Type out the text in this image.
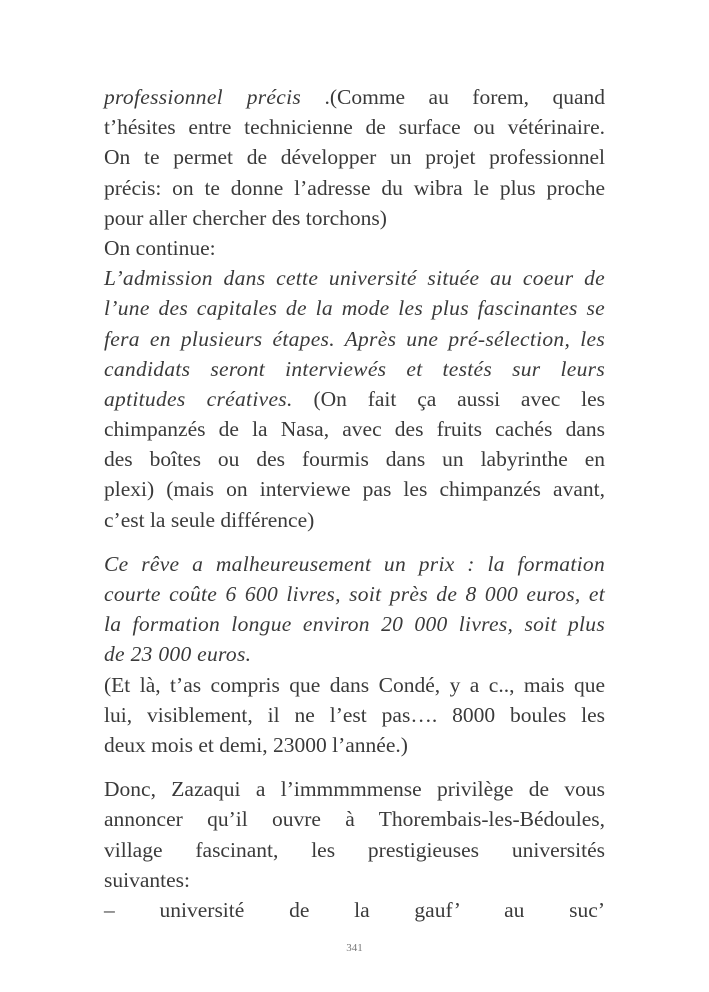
professionnel précis .(Comme au forem, quand
t’hésites entre technicienne de surface ou vétérinaire.
On te permet de développer un projet professionnel
précis: on te donne l’adresse du wibra le plus proche
pour aller chercher des torchons)
On continue:
L’admission dans cette université située au coeur de
l’une des capitales de la mode les plus fascinantes se
fera en plusieurs étapes. Après une pré-sélection, les
candidats seront interviewés et testés sur leurs
aptitudes créatives. (On fait ça aussi avec les
chimpanzés de la Nasa, avec des fruits cachés dans
des boîtes ou des fourmis dans un labyrinthe en
plexi) (mais on interviewe pas les chimpanzés avant,
c’est la seule différence)
Ce rêve a malheureusement un prix : la formation
courte coûte 6 600 livres, soit près de 8 000 euros, et
la formation longue environ 20 000 livres, soit plus
de 23 000 euros.
(Et là, t’as compris que dans Condé, y a c.., mais que
lui, visiblement, il ne l’est pas…. 8000 boules les
deux mois et demi, 23000 l’année.)
Donc, Zazaqui a l’immmmmense privilège de vous
annoncer qu’il ouvre à Thorembais-les-Bédoules,
village fascinant, les prestigieuses universités
suivantes:
– université de la gauf’ au suc’
341
